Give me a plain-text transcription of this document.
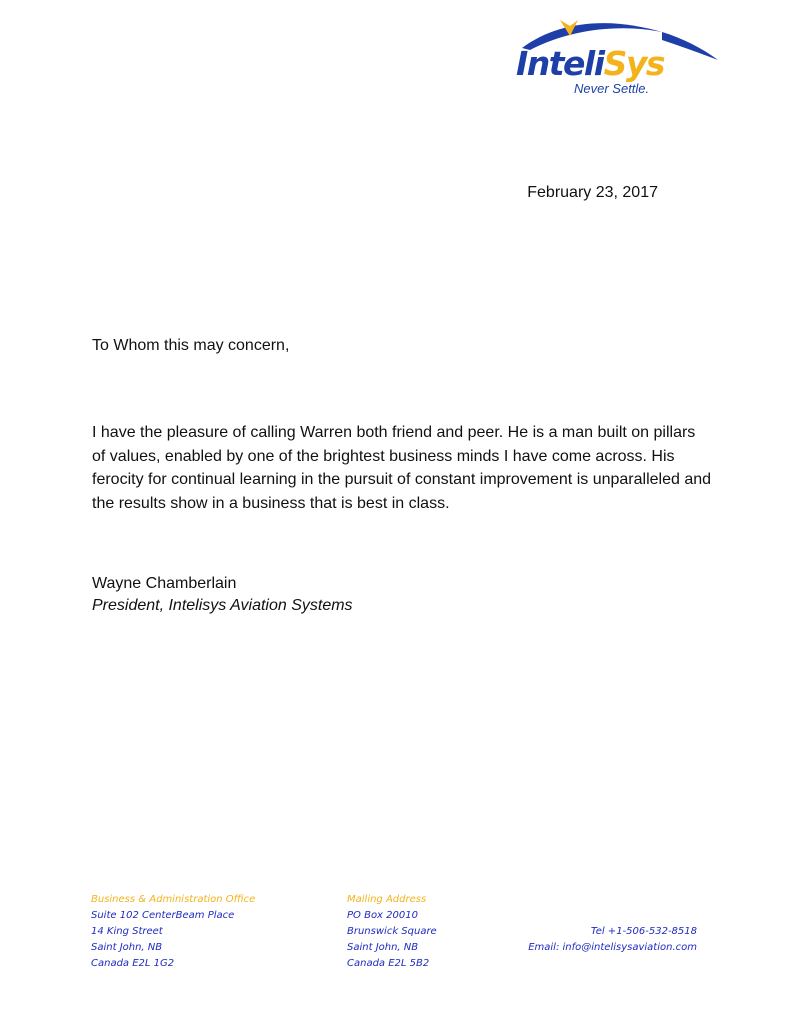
InteliSys
Never Settle.
February 23, 2017
To Whom this may concern,

I have the pleasure of calling Warren both friend and peer. He is a man built on pillars of values, enabled by one of the brightest business minds I have come across. His ferocity for continual learning in the pursuit of constant improvement is unparalleled and the results show in a business that is best in class.

Wayne Chamberlain
President, Intelisys Aviation Systems
Business & Administration Office
Suite 102 CenterBeam Place
14 King Street
Saint John, NB
Canada E2L 1G2
Mailing Address
PO Box 20010
Brunswick Square
Saint John, NB
Canada E2L 5B2
Tel +1-506-532-8518
Email: info@intelisysaviation.com
